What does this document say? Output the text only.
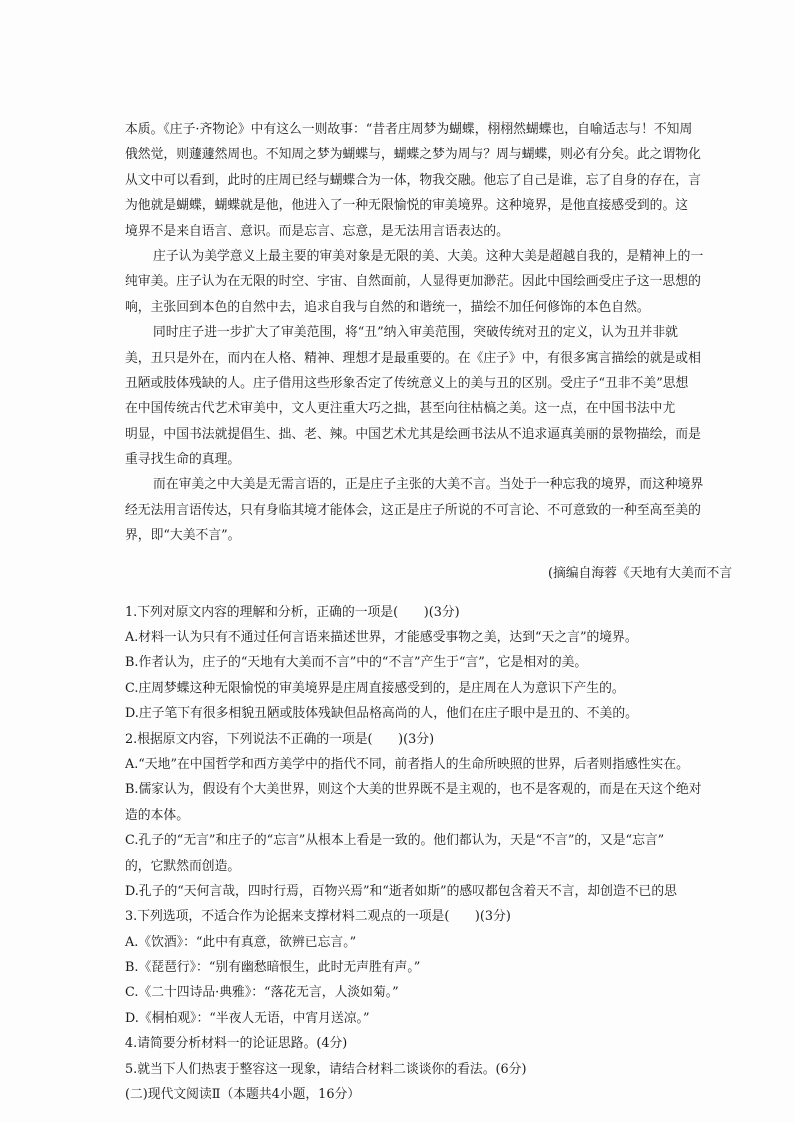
本质。《庄子·齐物论》中有这么一则故事：“昔者庄周梦为蝴蝶，栩栩然蝴蝶也，自喻适志与！不知周

俄然觉，则蘧蘧然周也。不知周之梦为蝴蝶与，蝴蝶之梦为周与？周与蝴蝶，则必有分矣。此之谓物化

从文中可以看到，此时的庄周已经与蝴蝶合为一体，物我交融。他忘了自己是谁，忘了自身的存在，言

为他就是蝴蝶，蝴蝶就是他，他进入了一种无限愉悦的审美境界。这种境界，是他直接感受到的。这

境界不是来自语言、意识。而是忘言、忘意，是无法用言语表达的。

庄子认为美学意义上最主要的审美对象是无限的美、大美。这种大美是超越自我的，是精神上的一

纯审美。庄子认为在无限的时空、宇宙、自然面前，人显得更加渺茫。因此中国绘画受庄子这一思想的

响，主张回到本色的自然中去，追求自我与自然的和谐统一，描绘不加任何修饰的本色自然。

同时庄子进一步扩大了审美范围，将“丑”纳入审美范围，突破传统对丑的定义，认为丑并非就

美，丑只是外在，而内在人格、精神、理想才是最重要的。在《庄子》中，有很多寓言描绘的就是或相

丑陋或肢体残缺的人。庄子借用这些形象否定了传统意义上的美与丑的区别。受庄子“丑非不美”思想

在中国传统古代艺术审美中，文人更注重大巧之拙，甚至向往枯槁之美。这一点，在中国书法中尤

明显，中国书法就提倡生、拙、老、辣。中国艺术尤其是绘画书法从不追求逼真美丽的景物描绘，而是

重寻找生命的真理。

而在审美之中大美是无需言语的，正是庄子主张的大美不言。当处于一种忘我的境界，而这种境界

经无法用言语传达，只有身临其境才能体会，这正是庄子所说的不可言论、不可意致的一种至高至美的

界，即“大美不言”。

(摘编自海蓉《天地有大美而不言

1.下列对原文内容的理解和分析，正确的一项是(　　)(3分)

A.材料一认为只有不通过任何言语来描述世界，才能感受事物之美，达到“天之言”的境界。

B.作者认为，庄子的“天地有大美而不言”中的“不言”产生于“言”，它是相对的美。

C.庄周梦蝶这种无限愉悦的审美境界是庄周直接感受到的，是庄周在人为意识下产生的。

D.庄子笔下有很多相貌丑陋或肢体残缺但品格高尚的人，他们在庄子眼中是丑的、不美的。

2.根据原文内容，下列说法不正确的一项是(　　)(3分)

A.“天地”在中国哲学和西方美学中的指代不同，前者指人的生命所映照的世界，后者则指感性实在。

B.儒家认为，假设有个大美世界，则这个大美的世界既不是主观的，也不是客观的，而是在天这个绝对

造的本体。

C.孔子的“无言”和庄子的“忘言”从根本上看是一致的。他们都认为，天是“不言”的，又是“忘言”

的，它默然而创造。

D.孔子的“天何言哉，四时行焉，百物兴焉”和“逝者如斯”的感叹都包含着天不言，却创造不已的思

3.下列选项，不适合作为论据来支撑材料二观点的一项是(　　)(3分)

A.《饮酒》：“此中有真意，欲辨已忘言。”

B.《琵琶行》：“别有幽愁暗恨生，此时无声胜有声。”

C.《二十四诗品·典雅》：“落花无言，人淡如菊。”

D.《桐柏观》：“半夜人无语，中宵月送凉。”

4.请简要分析材料一的论证思路。(4分)

5.就当下人们热衷于整容这一现象，请结合材料二谈谈你的看法。(6分)

(二)现代文阅读Ⅱ（本题共4小题，16分）
